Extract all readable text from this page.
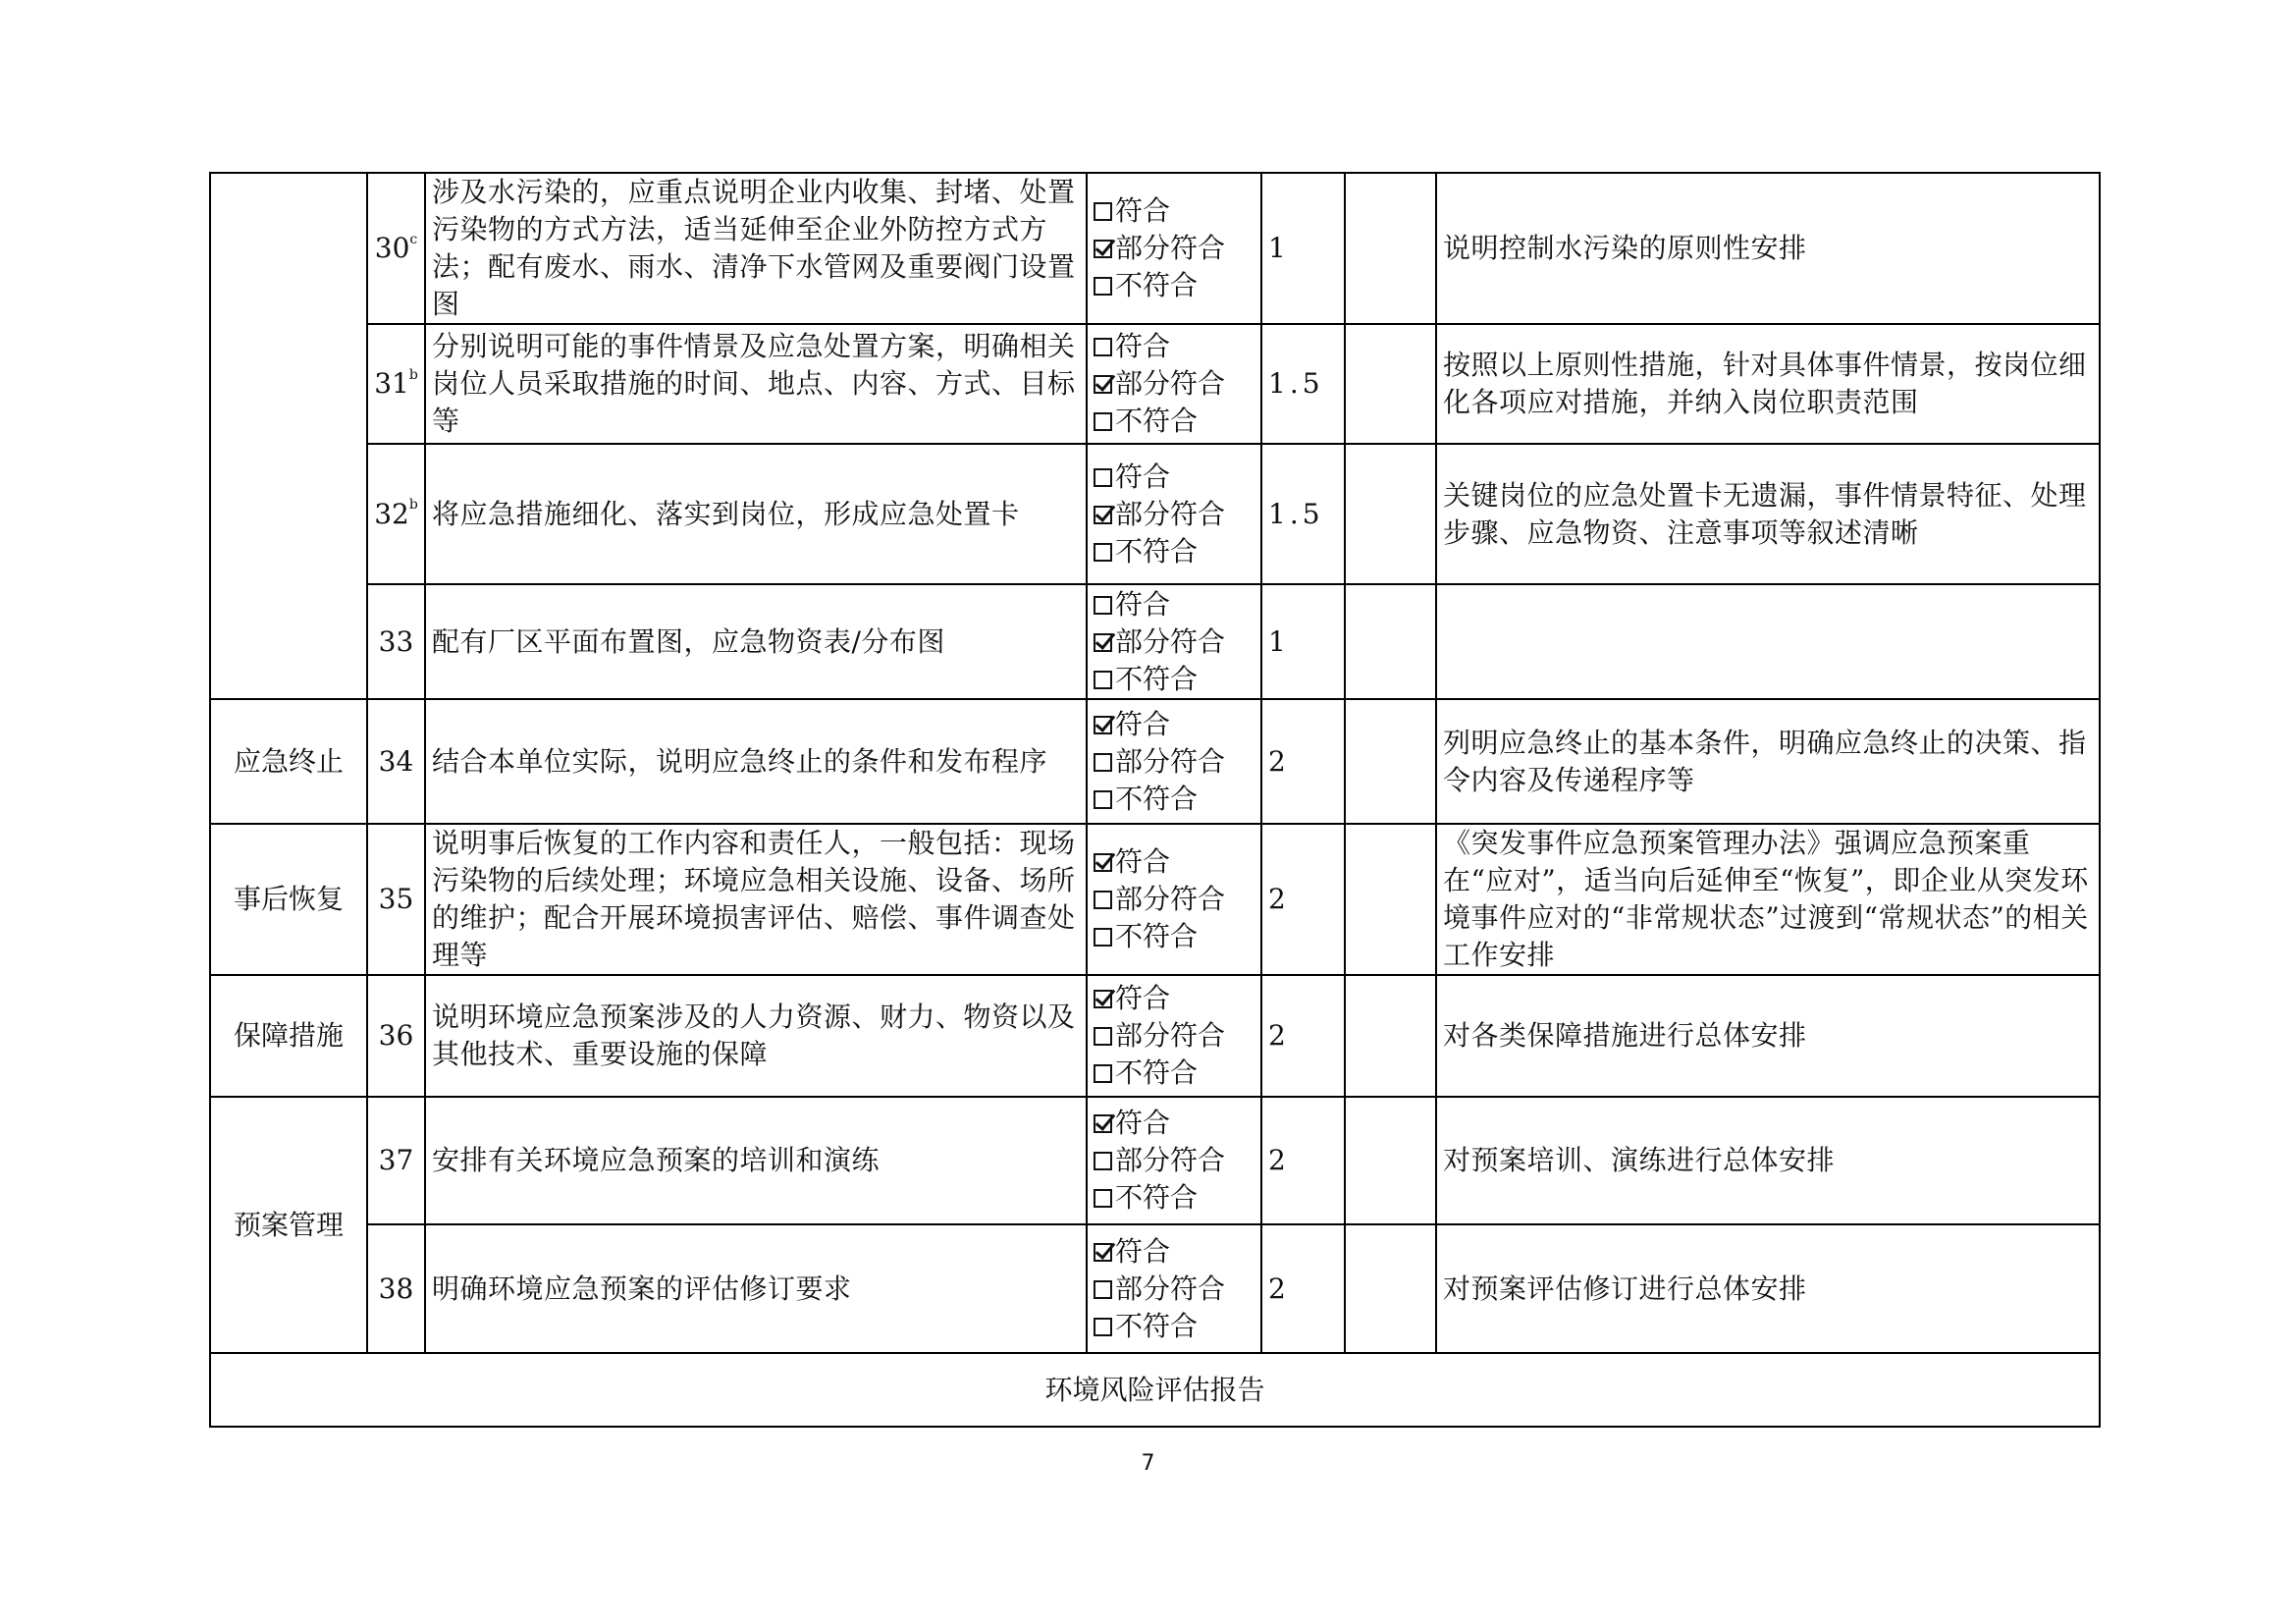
	30$^c$	涉及水污染的，应重点说明企业内收集、封堵、处置污染物的方式方法，适当延伸至企业外防控方式方法；配有废水、雨水、清净下水管网及重要阀门设置图	符合
部分符合
不符合	1		说明控制水污染的原则性安排
	31$^b$	分别说明可能的事件情景及应急处置方案，明确相关岗位人员采取措施的时间、地点、内容、方式、目标等	符合
部分符合
不符合	1.5		按照以上原则性措施，针对具体事件情景，按岗位细化各项应对措施，并纳入岗位职责范围
	32$^b$	将应急措施细化、落实到岗位，形成应急处置卡	符合
部分符合
不符合	1.5		关键岗位的应急处置卡无遗漏，事件情景特征、处理步骤、应急物资、注意事项等叙述清晰
	33	配有厂区平面布置图，应急物资表/分布图	符合
部分符合
不符合	1		
应急终止	34	结合本单位实际，说明应急终止的条件和发布程序	符合
部分符合
不符合	2		列明应急终止的基本条件，明确应急终止的决策、指令内容及传递程序等
事后恢复	35	说明事后恢复的工作内容和责任人，一般包括：现场污染物的后续处理；环境应急相关设施、设备、场所的维护；配合开展环境损害评估、赔偿、事件调查处理等	符合
部分符合
不符合	2		《突发事件应急预案管理办法》强调应急预案重在“应对”，适当向后延伸至“恢复”，即企业从突发环境事件应对的“非常规状态”过渡到“常规状态”的相关工作安排
保障措施	36	说明环境应急预案涉及的人力资源、财力、物资以及其他技术、重要设施的保障	符合
部分符合
不符合	2		对各类保障措施进行总体安排
预案管理	37	安排有关环境应急预案的培训和演练	符合
部分符合
不符合	2		对预案培训、演练进行总体安排
	38	明确环境应急预案的评估修订要求	符合
部分符合
不符合	2		对预案评估修订进行总体安排
环境风险评估报告						
7
